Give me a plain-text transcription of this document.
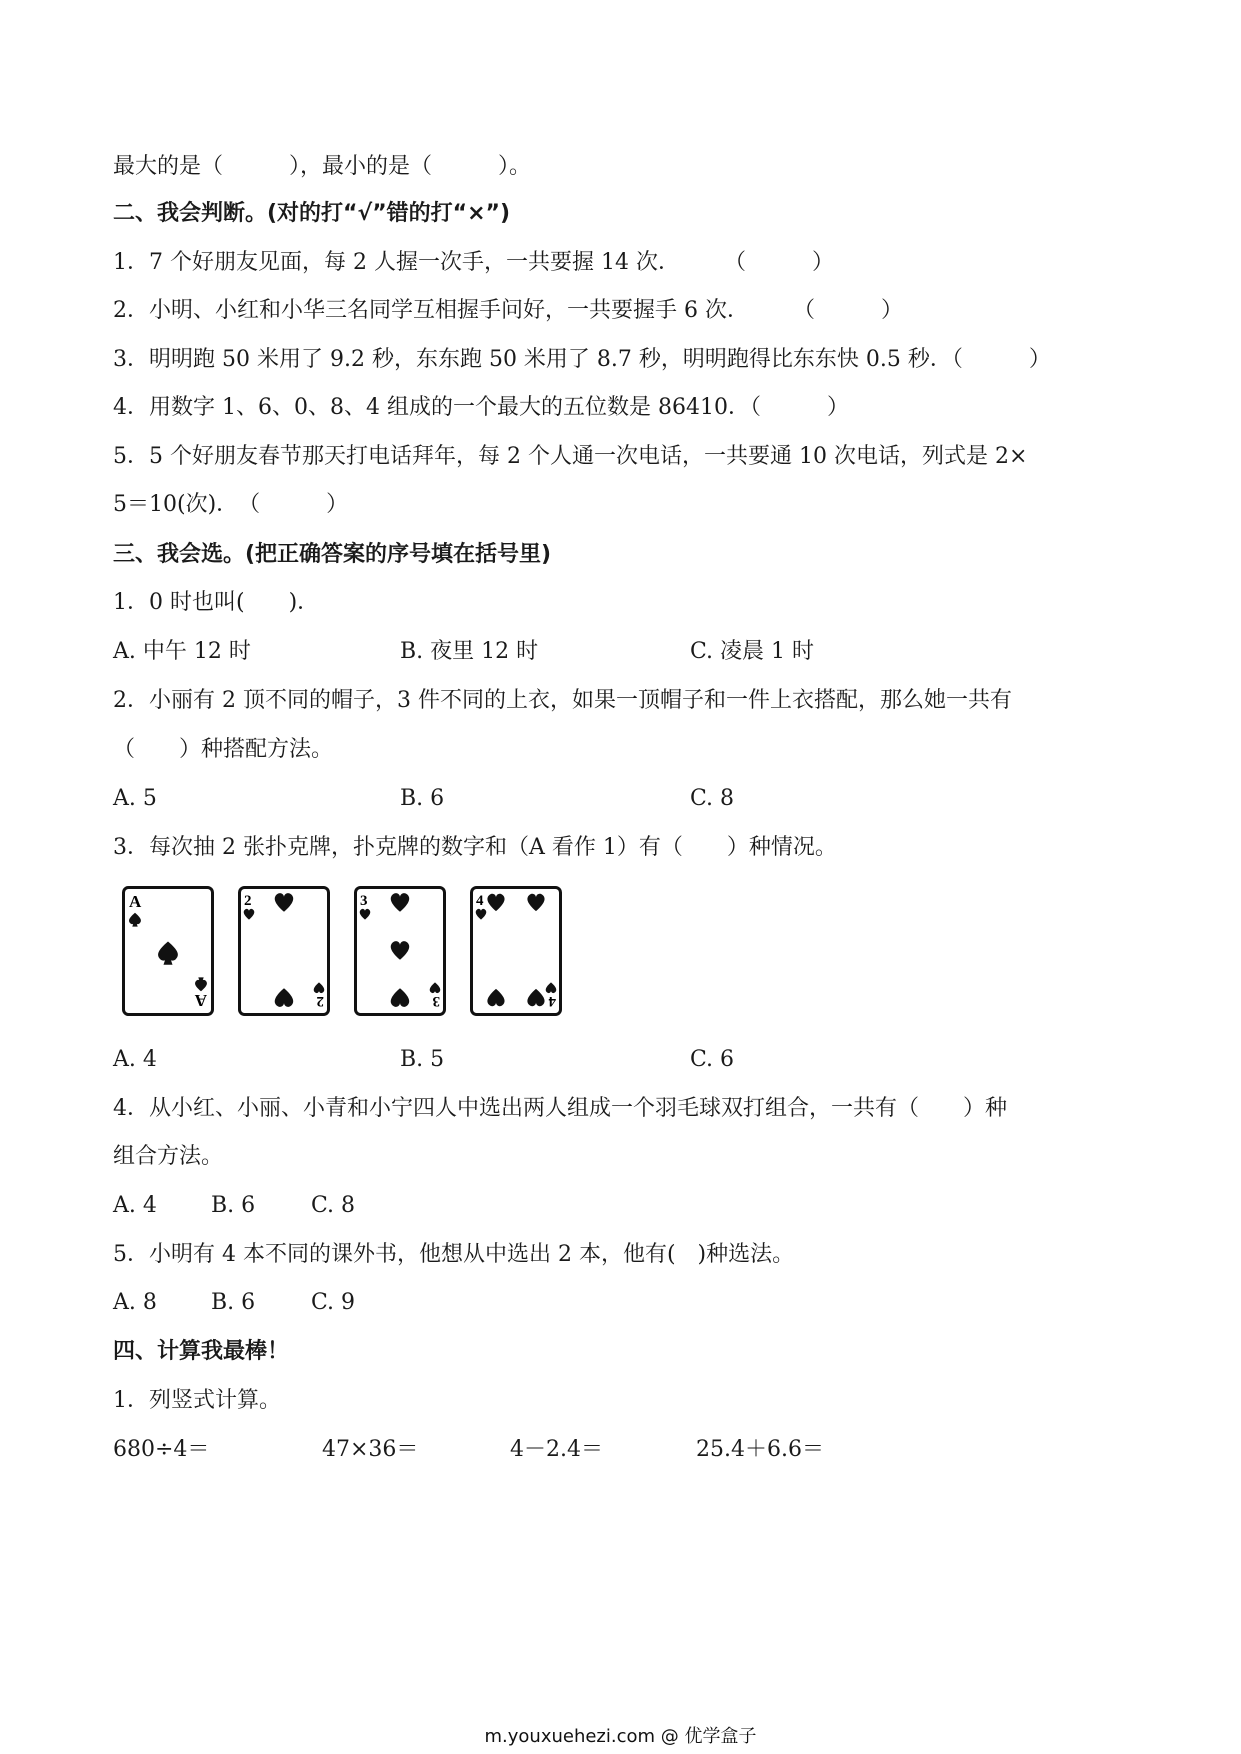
最大的是（　　　），最小的是（　　　）。
二、我会判断。(对的打“√”错的打“×”)
1．7 个好朋友见面，每 2 人握一次手，一共要握 14 次．　　　（　　　）
2．小明、小红和小华三名同学互相握手问好，一共要握手 6 次．　　　（　　　）
3．明明跑 50 米用了 9.2 秒，东东跑 50 米用了 8.7 秒，明明跑得比东东快 0.5 秒．（　　　）
4．用数字 1、6、0、8、4 组成的一个最大的五位数是 86410．（　　　）
5．5 个好朋友春节那天打电话拜年，每 2 个人通一次电话，一共要通 10 次电话，列式是 2×
5＝10(次)．　（　　　）
三、我会选。(把正确答案的序号填在括号里)
1．0 时也叫(　　)．
A. 中午 12 时	B. 夜里 12 时	C. 凌晨 1 时
2．小丽有 2 顶不同的帽子，3 件不同的上衣，如果一顶帽子和一件上衣搭配，那么她一共有
（　　）种搭配方法。
A. 5	B. 6	C. 8
3．每次抽 2 张扑克牌，扑克牌的数字和（A 看作 1）有（　　）种情况。
A
A
2
2
3
3
4
4
A. 4	B. 5	C. 6
4．从小红、小丽、小青和小宁四人中选出两人组成一个羽毛球双打组合，一共有（　　）种
组合方法。
A. 4 B. 6	C. 8
5．小明有 4 本不同的课外书，他想从中选出 2 本，他有(　)种选法。
A. 8 B. 6	C. 9
四、计算我最棒！
1．列竖式计算。
680÷4＝	47×36＝	4－2.4＝	25.4＋6.6＝
m.youxuehezi.com @ 优学盒子
